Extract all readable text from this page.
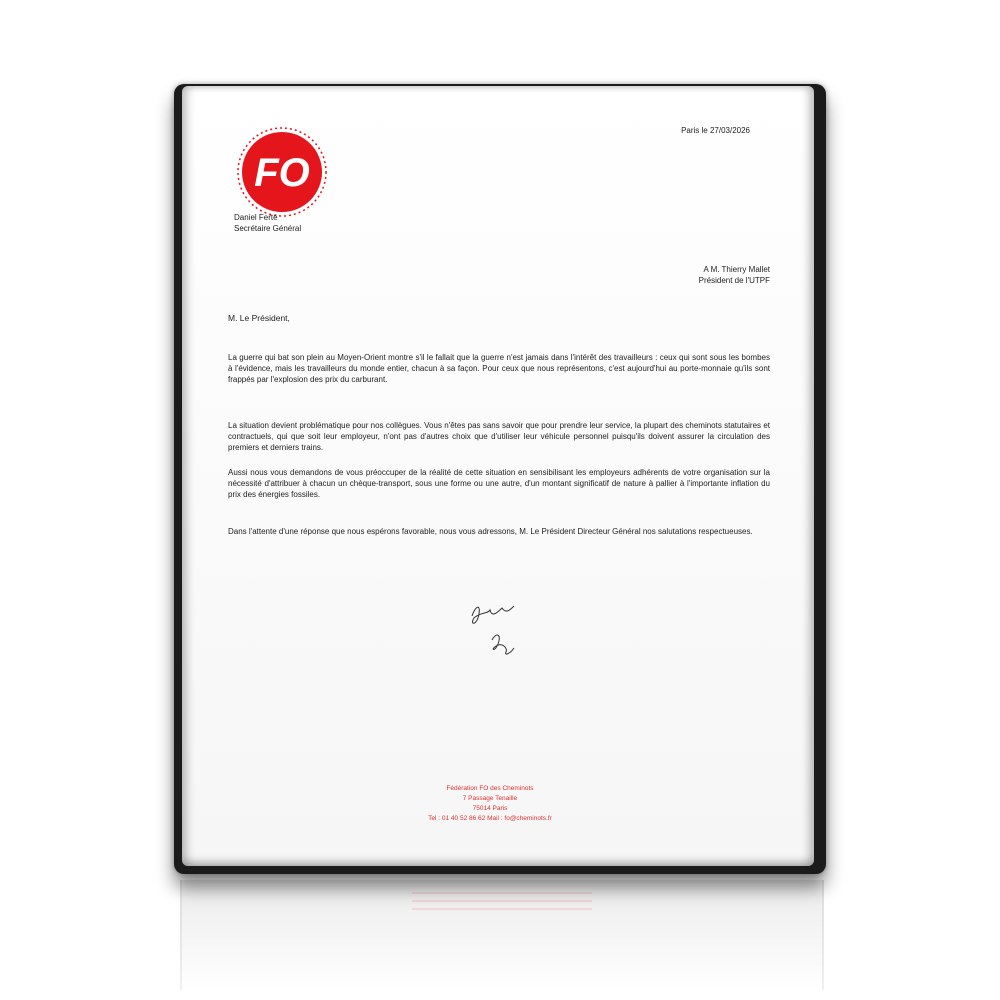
FO
Paris le 27/03/2026
Daniel Ferté
Secrétaire Général
A M. Thierry Mallet
Président de l'UTPF
M. Le Président,
La guerre qui bat son plein au Moyen-Orient montre s'il le fallait que la guerre n'est jamais dans l'intérêt des travailleurs : ceux qui sont sous les bombes à l'évidence, mais les travailleurs du monde entier, chacun à sa façon. Pour ceux que nous représentons, c'est aujourd'hui au porte-monnaie qu'ils sont frappés par l'explosion des prix du carburant.
La situation devient problématique pour nos collègues. Vous n'êtes pas sans savoir que pour prendre leur service, la plupart des cheminots statutaires et contractuels, qui que soit leur employeur, n'ont pas d'autres choix que d'utiliser leur véhicule personnel puisqu'ils doivent assurer la circulation des premiers et derniers trains.
Aussi nous vous demandons de vous préoccuper de la réalité de cette situation en sensibilisant les employeurs adhérents de votre organisation sur la nécessité d'attribuer à chacun un chèque-transport, sous une forme ou une autre, d'un montant significatif de nature à pallier à l'importante inflation du prix des énergies fossiles.
Dans l'attente d'une réponse que nous espérons favorable, nous vous adressons, M. Le Président Directeur Général nos salutations respectueuses.
Fédération FO des Cheminots
7 Passage Tenaille
75014 Paris
Tel : 01 40 52 86 62 Mail : fo@cheminots.fr
